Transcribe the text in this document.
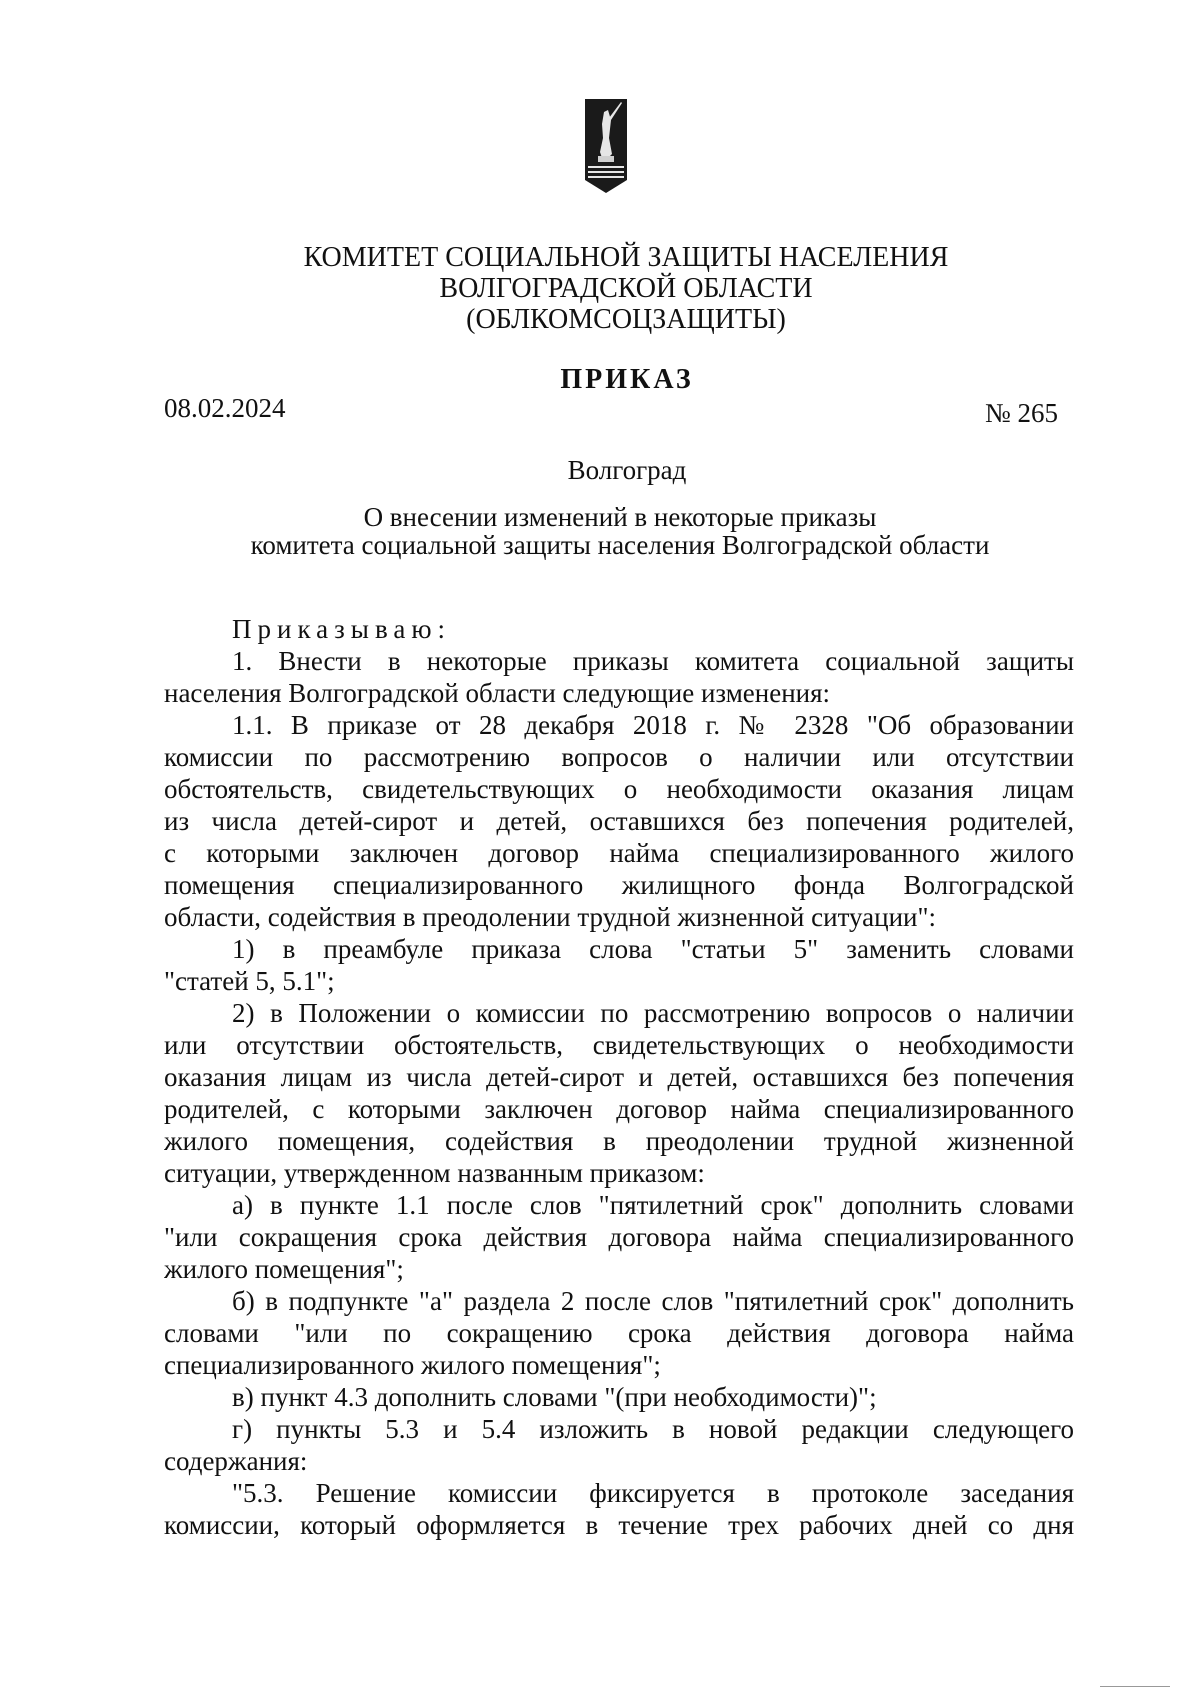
КОМИТЕТ СОЦИАЛЬНОЙ ЗАЩИТЫ НАСЕЛЕНИЯ
ВОЛГОГРАДСКОЙ ОБЛАСТИ
(ОБЛКОМСОЦЗАЩИТЫ)
ПРИКАЗ
08.02.2024	№ 265
Волгоград
О внесении изменений в некоторые приказы
комитета социальной защиты населения Волгоградской области

Приказываю:

1. Внести в некоторые приказы комитета социальной защиты

населения Волгоградской области следующие изменения:

1.1. В приказе от 28 декабря 2018 г. № 2328 "Об образовании

комиссии по рассмотрению вопросов о наличии или отсутствии

обстоятельств, свидетельствующих о необходимости оказания лицам

из числа детей-сирот и детей, оставшихся без попечения родителей,

с которыми заключен договор найма специализированного жилого

помещения специализированного жилищного фонда Волгоградской

области, содействия в преодолении трудной жизненной ситуации":

1) в преамбуле приказа слова "статьи 5" заменить словами

"статей 5, 5.1";

2) в Положении о комиссии по рассмотрению вопросов о наличии

или отсутствии обстоятельств, свидетельствующих о необходимости

оказания лицам из числа детей-сирот и детей, оставшихся без попечения

родителей, с которыми заключен договор найма специализированного

жилого помещения, содействия в преодолении трудной жизненной

ситуации, утвержденном названным приказом:

а) в пункте 1.1 после слов "пятилетний срок" дополнить словами

"или сокращения срока действия договора найма специализированного

жилого помещения";

б) в подпункте "а" раздела 2 после слов "пятилетний срок" дополнить

словами "или по сокращению срока действия договора найма

специализированного жилого помещения";

в) пункт 4.3 дополнить словами "(при необходимости)";

г) пункты 5.3 и 5.4 изложить в новой редакции следующего

содержания:

"5.3. Решение комиссии фиксируется в протоколе заседания

комиссии, который оформляется в течение трех рабочих дней со дня
